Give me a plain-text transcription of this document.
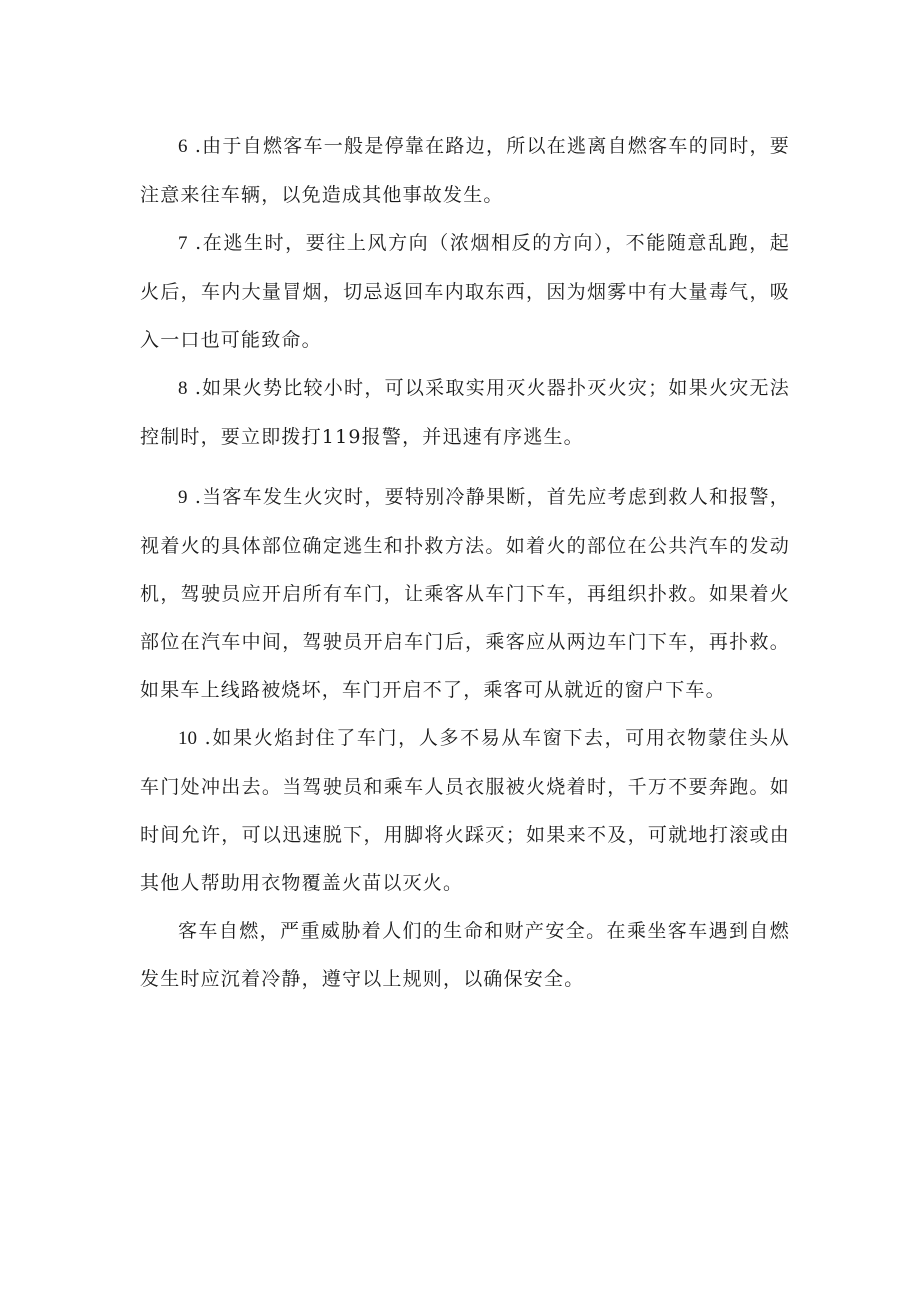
6 .由于自燃客车一般是停靠在路边，所以在逃离自燃客车的同时，要注意来往车辆，以免造成其他事故发生。

7 .在逃生时，要往上风方向（浓烟相反的方向），不能随意乱跑，起火后，车内大量冒烟，切忌返回车内取东西，因为烟雾中有大量毒气，吸入一口也可能致命。

8 .如果火势比较小时，可以采取实用灭火器扑灭火灾；如果火灾无法控制时，要立即拨打119报警，并迅速有序逃生。

9 .当客车发生火灾时，要特别冷静果断，首先应考虑到救人和报警，视着火的具体部位确定逃生和扑救方法。如着火的部位在公共汽车的发动机，驾驶员应开启所有车门，让乘客从车门下车，再组织扑救。如果着火部位在汽车中间，驾驶员开启车门后，乘客应从两边车门下车，再扑救。如果车上线路被烧坏，车门开启不了，乘客可从就近的窗户下车。

10 .如果火焰封住了车门，人多不易从车窗下去，可用衣物蒙住头从车门处冲出去。当驾驶员和乘车人员衣服被火烧着时，千万不要奔跑。如时间允许，可以迅速脱下，用脚将火踩灭；如果来不及，可就地打滚或由其他人帮助用衣物覆盖火苗以灭火。

客车自燃，严重威胁着人们的生命和财产安全。在乘坐客车遇到自燃发生时应沉着冷静，遵守以上规则，以确保安全。
